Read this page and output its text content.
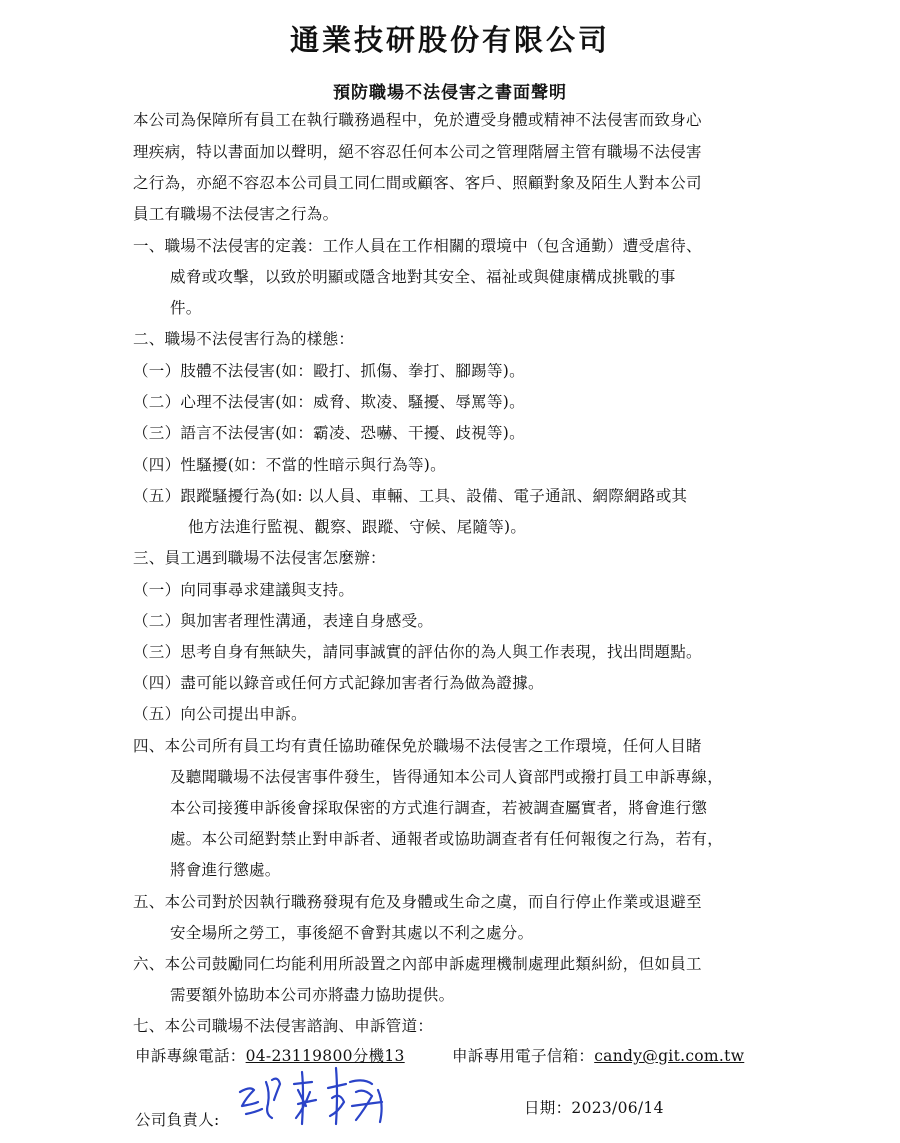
通業技研股份有限公司
預防職場不法侵害之書面聲明
本公司為保障所有員工在執行職務過程中，免於遭受身體或精神不法侵害而致身心
理疾病，特以書面加以聲明，絕不容忍任何本公司之管理階層主管有職場不法侵害
之行為，亦絕不容忍本公司員工同仁間或顧客、客戶、照顧對象及陌生人對本公司
員工有職場不法侵害之行為。
一、職場不法侵害的定義：工作人員在工作相關的環境中（包含通勤）遭受虐待、
威脅或攻擊，以致於明顯或隱含地對其安全、福祉或與健康構成挑戰的事
件。
二、職場不法侵害行為的樣態：
（一）肢體不法侵害(如：毆打、抓傷、拳打、腳踢等)。
（二）心理不法侵害(如：威脅、欺凌、騷擾、辱罵等)。
（三）語言不法侵害(如：霸凌、恐嚇、干擾、歧視等)。
（四）性騷擾(如：不當的性暗示與行為等)。
（五）跟蹤騷擾行為(如: 以人員、車輛、工具、設備、電子通訊、網際網路或其
他方法進行監視、觀察、跟蹤、守候、尾隨等)。
三、員工遇到職場不法侵害怎麼辦：
（一）向同事尋求建議與支持。
（二）與加害者理性溝通，表達自身感受。
（三）思考自身有無缺失，請同事誠實的評估你的為人與工作表現，找出問題點。
（四）盡可能以錄音或任何方式記錄加害者行為做為證據。
（五）向公司提出申訴。
四、本公司所有員工均有責任協助確保免於職場不法侵害之工作環境，任何人目睹
及聽聞職場不法侵害事件發生，皆得通知本公司人資部門或撥打員工申訴專線，
本公司接獲申訴後會採取保密的方式進行調查，若被調查屬實者，將會進行懲
處。本公司絕對禁止對申訴者、通報者或協助調查者有任何報復之行為，若有，
將會進行懲處。
五、本公司對於因執行職務發現有危及身體或生命之虞，而自行停止作業或退避至
安全場所之勞工，事後絕不會對其處以不利之處分。
六、本公司鼓勵同仁均能利用所設置之內部申訴處理機制處理此類糾紛，但如員工
需要額外協助本公司亦將盡力協助提供。
七、本公司職場不法侵害諮詢、申訴管道：
申訴專線電話：04-23119800分機13	申訴專用電子信箱：candy@git.com.tw
公司負責人:
日期：2023/06/14
